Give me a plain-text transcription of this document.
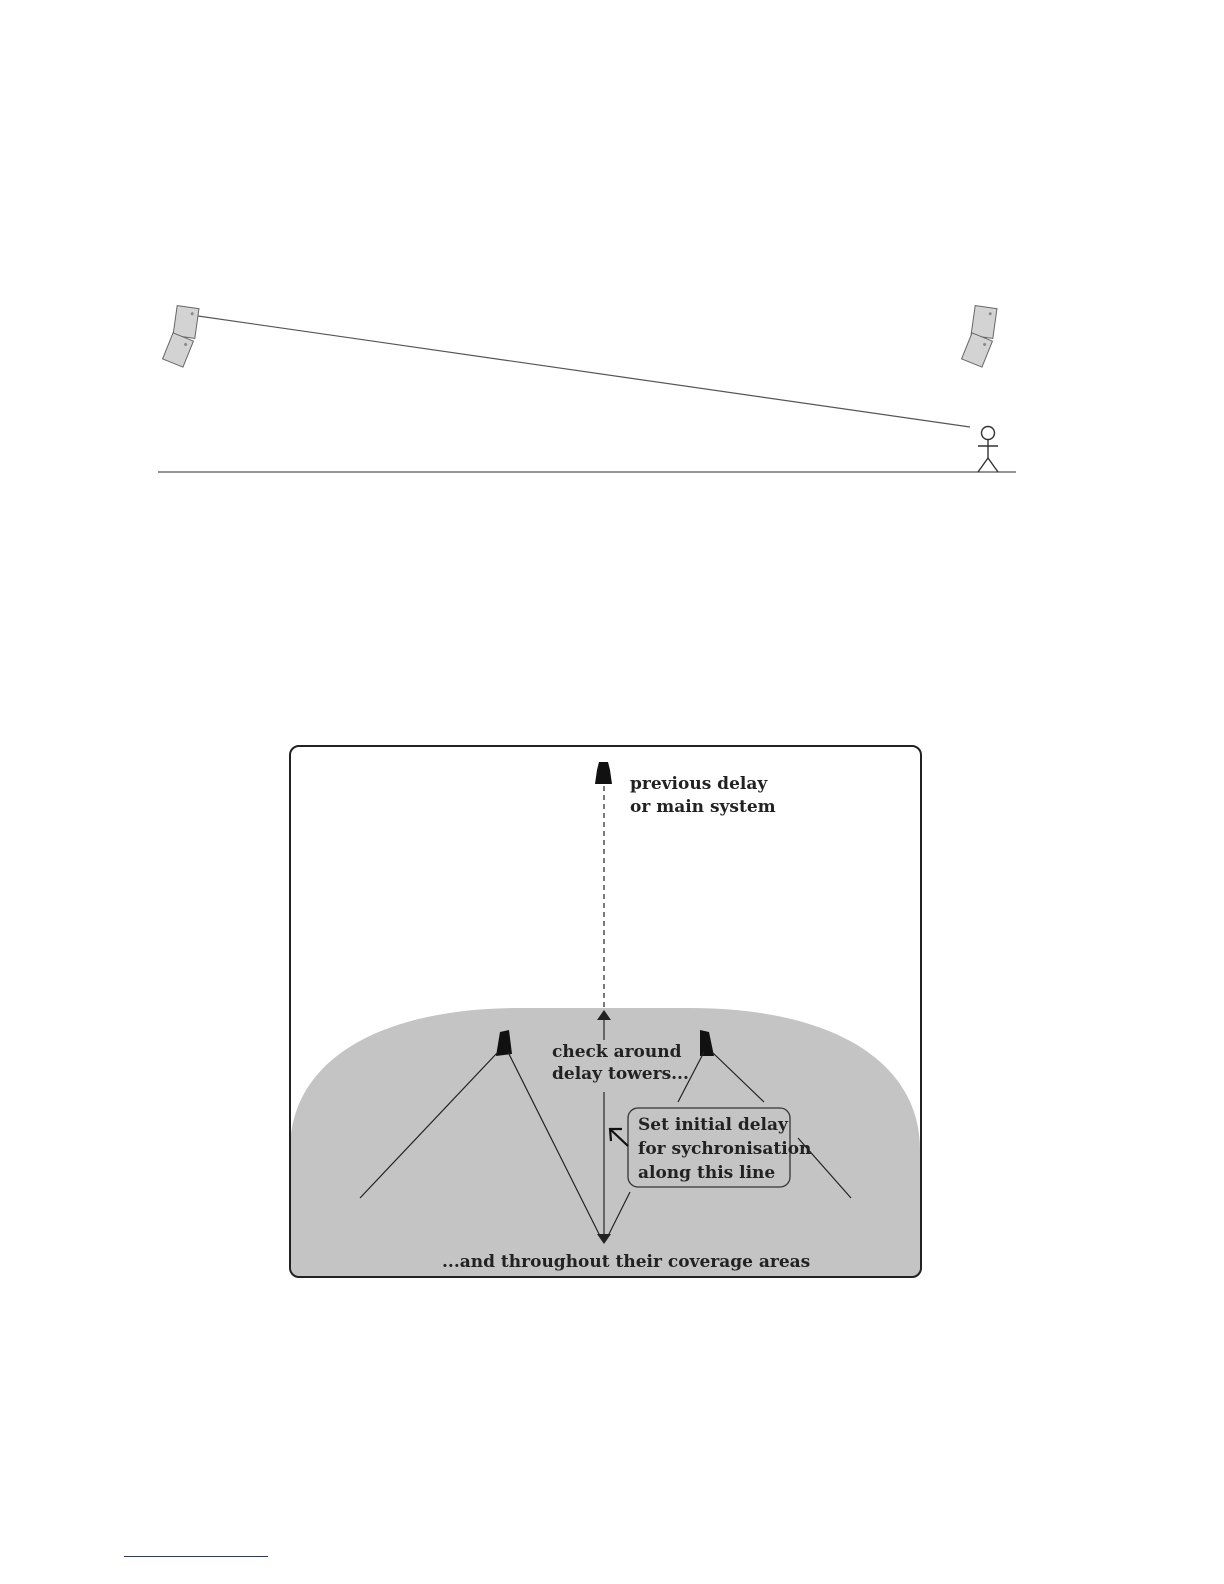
previous delay
or main system
check around
delay towers...
Set initial delay
for sychronisation
along this line
...and throughout their coverage areas
